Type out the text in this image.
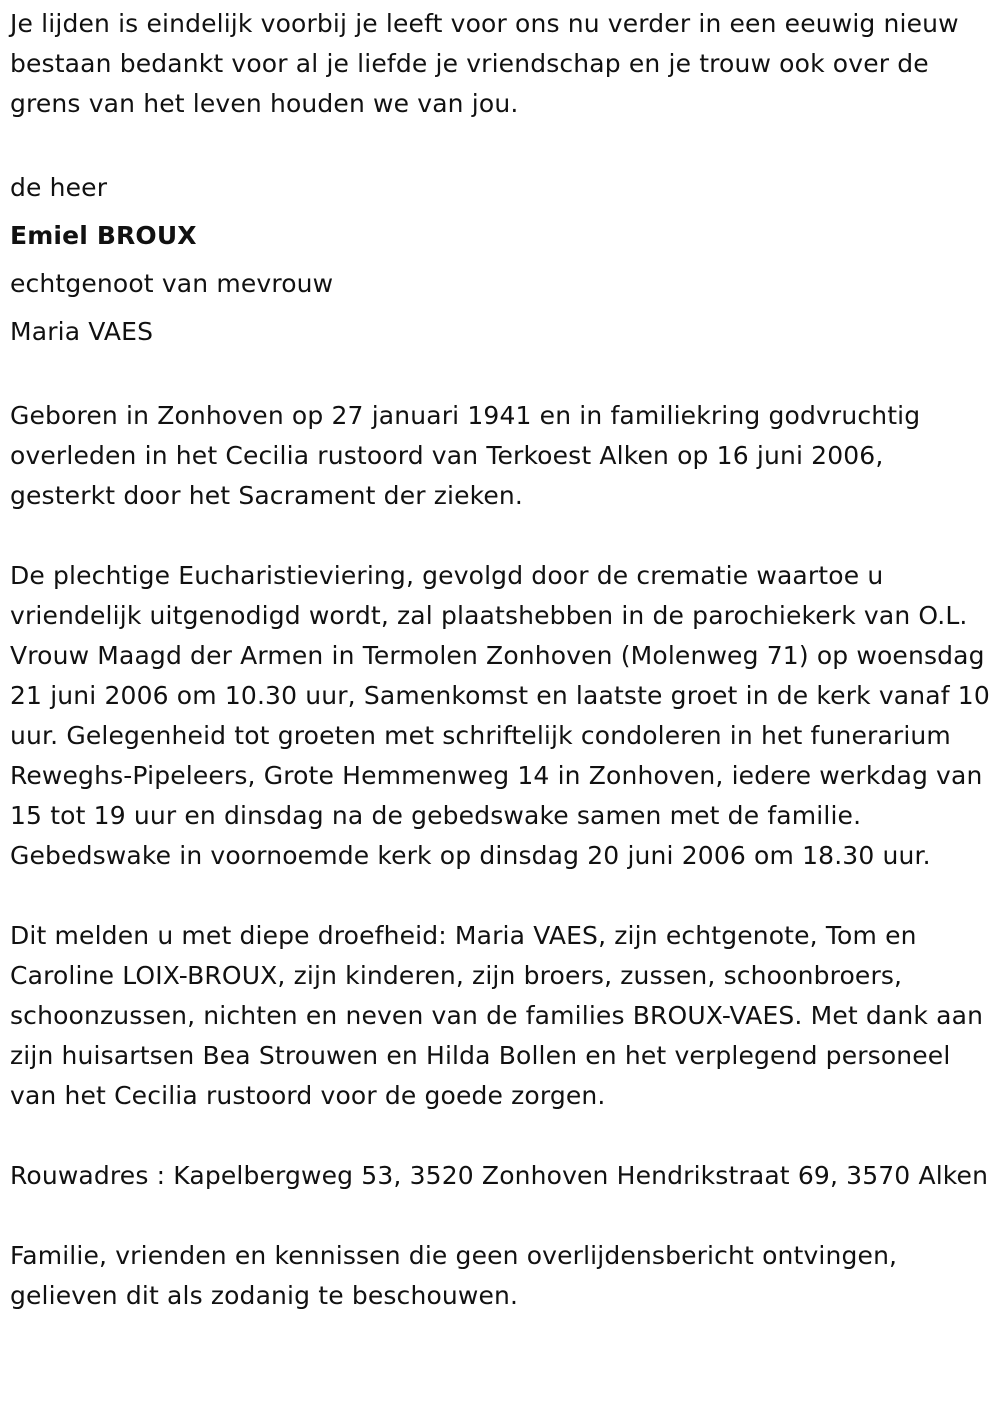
Je lijden is eindelijk voorbij je leeft voor ons nu verder in een eeuwig nieuw bestaan bedankt voor al je liefde je vriendschap en je trouw ook over de grens van het leven houden we van jou.

de heer

Emiel BROUX

echtgenoot van mevrouw

Maria VAES

Geboren in Zonhoven op 27 januari 1941 en in familiekring godvruchtig overleden in het Cecilia rustoord van Terkoest Alken op 16 juni 2006, gesterkt door het Sacrament der zieken.

De plechtige Eucharistieviering, gevolgd door de crematie waartoe u vriendelijk uitgenodigd wordt, zal plaatshebben in de parochiekerk van O.L. Vrouw Maagd der Armen in Termolen Zonhoven (Molenweg 71) op woensdag 21 juni 2006 om 10.30 uur, Samenkomst en laatste groet in de kerk vanaf 10 uur. Gelegenheid tot groeten met schriftelijk condoleren in het funerarium Reweghs-Pipeleers, Grote Hemmenweg 14 in Zonhoven, iedere werkdag van 15 tot 19 uur en dinsdag na de gebedswake samen met de familie. Gebedswake in voornoemde kerk op dinsdag 20 juni 2006 om 18.30 uur.

Dit melden u met diepe droefheid: Maria VAES, zijn echtgenote, Tom en Caroline LOIX-BROUX, zijn kinderen, zijn broers, zussen, schoonbroers, schoonzussen, nichten en neven van de families BROUX-VAES. Met dank aan zijn huisartsen Bea Strouwen en Hilda Bollen en het verplegend personeel van het Cecilia rustoord voor de goede zorgen.

Rouwadres : Kapelbergweg 53, 3520 Zonhoven Hendrikstraat 69, 3570 Alken

Familie, vrienden en kennissen die geen overlijdensbericht ontvingen, gelieven dit als zodanig te beschouwen.
